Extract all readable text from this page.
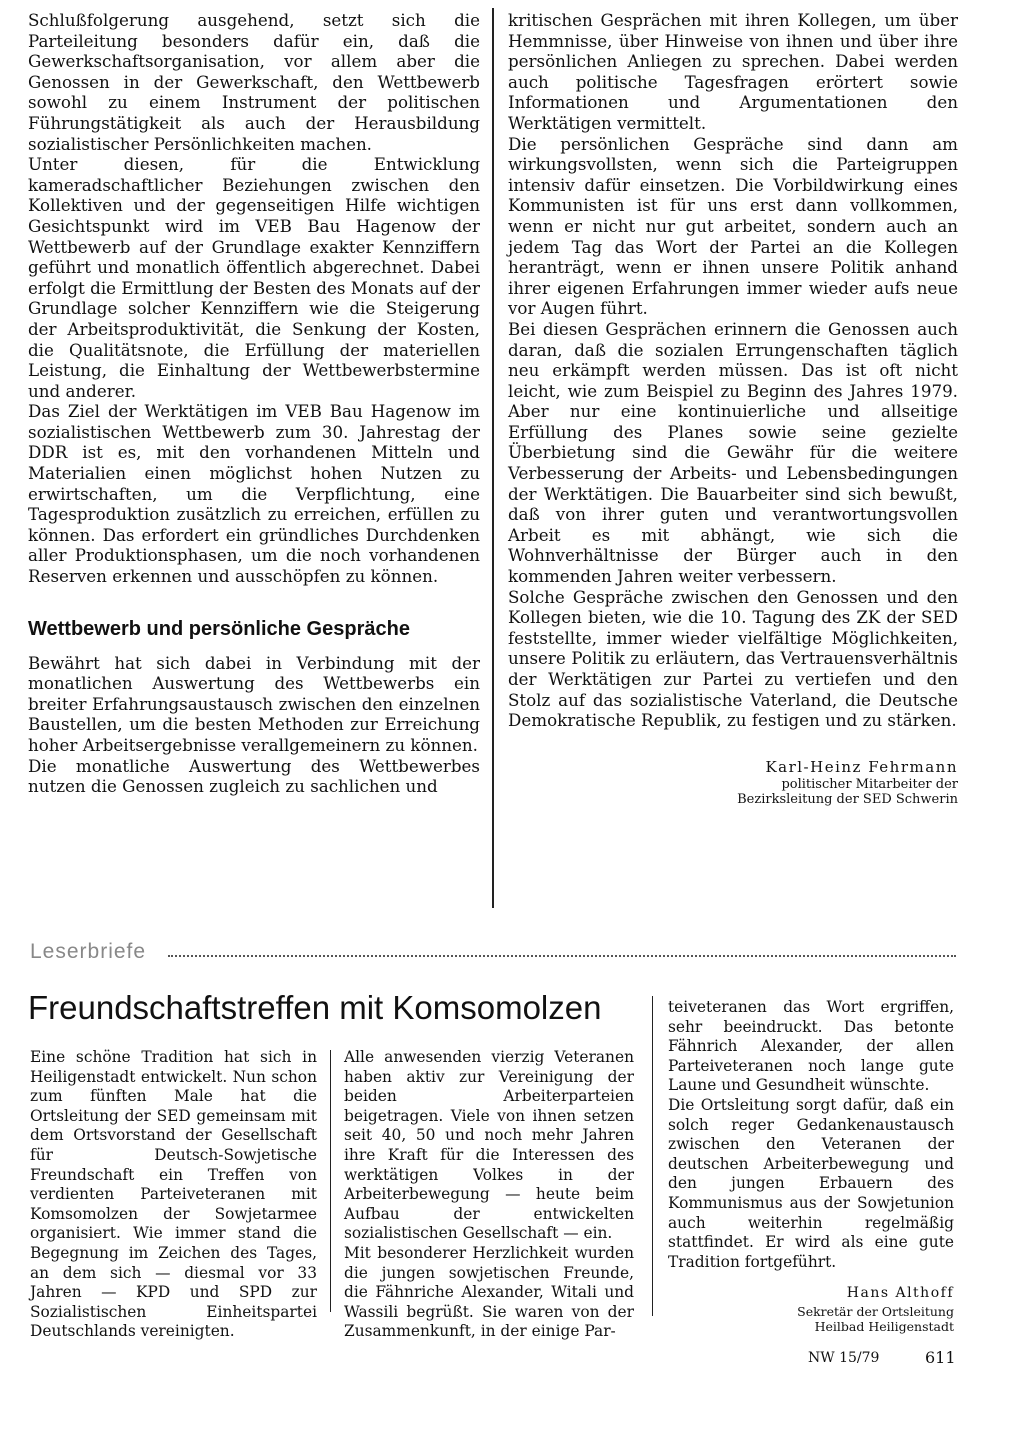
Schlußfolgerung ausgehend, setzt sich die Parteileitung besonders dafür ein, daß die Gewerkschaftsorganisation, vor allem aber die Genossen in der Gewerkschaft, den Wettbewerb sowohl zu einem Instrument der politischen Führungstätigkeit als auch der Herausbildung sozialistischer Persönlichkeiten machen.

Unter diesen, für die Entwicklung kameradschaftlicher Beziehungen zwischen den Kollektiven und der gegenseitigen Hilfe wichtigen Gesichtspunkt wird im VEB Bau Hagenow der Wettbewerb auf der Grundlage exakter Kennziffern geführt und monatlich öffentlich abgerechnet. Dabei erfolgt die Ermittlung der Besten des Monats auf der Grundlage solcher Kennziffern wie die Steigerung der Arbeitsproduktivität, die Senkung der Kosten, die Qualitätsnote, die Erfüllung der materiellen Leistung, die Einhaltung der Wettbewerbstermine und anderer.

Das Ziel der Werktätigen im VEB Bau Hagenow im sozialistischen Wettbewerb zum 30. Jahrestag der DDR ist es, mit den vorhandenen Mitteln und Materialien einen möglichst hohen Nutzen zu erwirtschaften, um die Verpflichtung, eine Tagesproduktion zusätzlich zu erreichen, erfüllen zu können. Das erfordert ein gründliches Durchdenken aller Produktionsphasen, um die noch vorhandenen Reserven erkennen und ausschöpfen zu können.

Wettbewerb und persönliche Gespräche

Bewährt hat sich dabei in Verbindung mit der monatlichen Auswertung des Wettbewerbs ein breiter Erfahrungsaustausch zwischen den einzelnen Baustellen, um die besten Methoden zur Erreichung hoher Arbeitsergebnisse verallgemeinern zu können.

Die monatliche Auswertung des Wettbewerbes nutzen die Genossen zugleich zu sachlichen und

kritischen Gesprächen mit ihren Kollegen, um über Hemmnisse, über Hinweise von ihnen und über ihre persönlichen Anliegen zu sprechen. Dabei werden auch politische Tagesfragen erörtert sowie Informationen und Argumentationen den Werktätigen vermittelt.

Die persönlichen Gespräche sind dann am wirkungsvollsten, wenn sich die Parteigruppen intensiv dafür einsetzen. Die Vorbildwirkung eines Kommunisten ist für uns erst dann vollkommen, wenn er nicht nur gut arbeitet, sondern auch an jedem Tag das Wort der Partei an die Kollegen heranträgt, wenn er ihnen unsere Politik anhand ihrer eigenen Erfahrungen immer wieder aufs neue vor Augen führt.

Bei diesen Gesprächen erinnern die Genossen auch daran, daß die sozialen Errungenschaften täglich neu erkämpft werden müssen. Das ist oft nicht leicht, wie zum Beispiel zu Beginn des Jahres 1979. Aber nur eine kontinuierliche und allseitige Erfüllung des Planes sowie seine gezielte Überbietung sind die Gewähr für die weitere Verbesserung der Arbeits- und Lebensbedingungen der Werktätigen. Die Bauarbeiter sind sich bewußt, daß von ihrer guten und verantwortungsvollen Arbeit es mit abhängt, wie sich die Wohnverhältnisse der Bürger auch in den kommenden Jahren weiter verbessern.

Solche Gespräche zwischen den Genossen und den Kollegen bieten, wie die 10. Tagung des ZK der SED feststellte, immer wieder vielfältige Möglichkeiten, unsere Politik zu erläutern, das Vertrauensverhältnis der Werktätigen zur Partei zu vertiefen und den Stolz auf das sozialistische Vaterland, die Deutsche Demokratische Republik, zu festigen und zu stärken.

Karl-Heinz Fehrmann
politischer Mitarbeiter der
Bezirksleitung der SED Schwerin
Leserbriefe
Freundschaftstreffen mit Komsomolzen

Eine schöne Tradition hat sich in Heiligenstadt entwickelt. Nun schon zum fünften Male hat die Ortsleitung der SED gemeinsam mit dem Ortsvorstand der Gesellschaft für Deutsch-Sowjetische Freundschaft ein Treffen von verdienten Parteiveteranen mit Komsomolzen der Sowjetarmee organisiert. Wie immer stand die Begegnung im Zeichen des Tages, an dem sich — diesmal vor 33 Jahren — KPD und SPD zur Sozialistischen Einheitspartei Deutschlands vereinigten.

Alle anwesenden vierzig Veteranen haben aktiv zur Vereinigung der beiden Arbeiterparteien beigetragen. Viele von ihnen setzen seit 40, 50 und noch mehr Jahren ihre Kraft für die Interessen des werktätigen Volkes in der Arbeiterbewegung — heute beim Aufbau der entwickelten sozialistischen Gesellschaft — ein.

Mit besonderer Herzlichkeit wurden die jungen sowjetischen Freunde, die Fähnriche Alexander, Witali und Wassili begrüßt. Sie waren von der Zusammenkunft, in der einige Par-

teiveteranen das Wort ergriffen, sehr beeindruckt. Das betonte Fähnrich Alexander, der allen Parteiveteranen noch lange gute Laune und Gesundheit wünschte.

Die Ortsleitung sorgt dafür, daß ein solch reger Gedankenaustausch zwischen den Veteranen der deutschen Arbeiterbewegung und den jungen Erbauern des Kommunismus aus der Sowjetunion auch weiterhin regelmäßig stattfindet. Er wird als eine gute Tradition fortgeführt.

Hans Althoff
Sekretär der Ortsleitung
Heilbad Heiligenstadt
NW 15/79	611
